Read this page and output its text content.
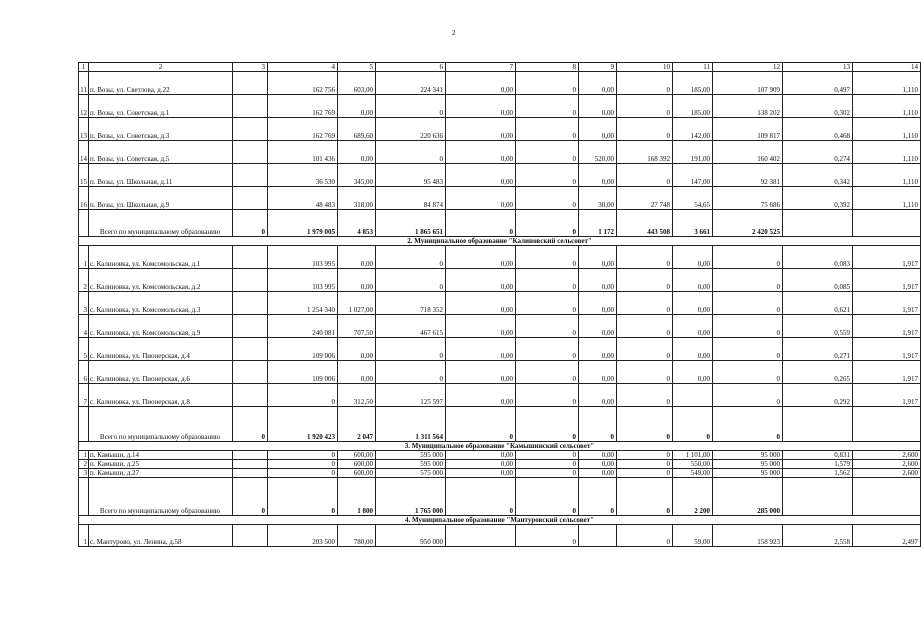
2
1	2	3	4	5	6	7	8	9	10	11	12	13	14
11	п. Возы, ул. Светлова, д.22		162 756	603,00	224 341	0,00	0	0,00	0	185,00	107 909	0,497	1,110
12	п. Возы, ул. Советская, д.1		162 769	0,00	0	0,00	0	0,00	0	185,00	138 202	0,302	1,110
13	п. Возы, ул. Советская, д.3		162 769	689,60	220 636	0,00	0	0,00	0	142,00	109 817	0,468	1,110
14	п. Возы, ул. Советская, д.5		101 436	0,00	0	0,00	0	520,00	168 392	191,00	160 402	0,274	1,110
15	п. Возы, ул. Школьная, д.11		36 530	345,00	95 483	0,00	0	0,00	0	147,00	92 381	0,342	1,110
16	п. Возы, ул. Школьная, д.9		48 483	318,00	84 874	0,00	0	30,00	27 748	54,65	75 686	0,392	1,110
	Всего по муниципальному образованию	0	1 979 005	4 853	1 865 651	0	0	1 172	443 508	3 661	2 420 525		
2. Муниципальное образование "Калиновский сельсовет"													
1	с. Калиновка, ул. Комсомольская, д.1		103 995	0,00	0	0,00	0	0,00	0	0,00	0	0,083	1,917
2	с. Калиновка, ул. Комсомольская, д.2		103 995	0,00	0	0,00	0	0,00	0	0,00	0	0,085	1,917
3	с. Калиновка, ул. Комсомольская, д.3		1 254 340	1 027,00	718 352	0,00	0	0,00	0	0,00	0	0,621	1,917
4	с. Калиновка, ул. Комсомольская, д.9		240 081	707,50	467 615	0,00	0	0,00	0	0,00	0	0,559	1,917
5	с. Калиновка, ул. Пионерская, д.4		109 006	0,00	0	0,00	0	0,00	0	0,00	0	0,271	1,917
6	с. Калиновка, ул. Пионерская, д.6		109 006	0,00	0	0,00	0	0,00	0	0,00	0	0,265	1,917
7	с. Калиновка, ул. Пионерская, д.8		0	312,50	125 597	0,00	0	0,00	0		0	0,292	1,917
	Всего по муниципальному образованию	0	1 920 423	2 047	1 311 564	0	0	0	0	0	0		
3. Муниципальное образование "Камышинский сельсовет"													
1	п. Камыши, д.14		0	600,00	595 000	0,00	0	0,00	0	1 101,00	95 000	0,831	2,600
2	п. Камыши, д.25		0	600,00	595 000	0,00	0	0,00	0	550,00	95 000	1,579	2,600
3	п. Камыши, д.27		0	600,00	575 000	0,00	0	0,00	0	549,00	95 000	1,562	2,600
	Всего по муниципальному образованию	0	0	1 800	1 765 000	0	0	0	0	2 200	285 000		
4. Муниципальное образование "Мантуровский сельсовет"													
1	с. Мантурово, ул. Ленина, д.58		203 500	780,00	950 000		0		0	59,00	158 923	2,558	2,497
